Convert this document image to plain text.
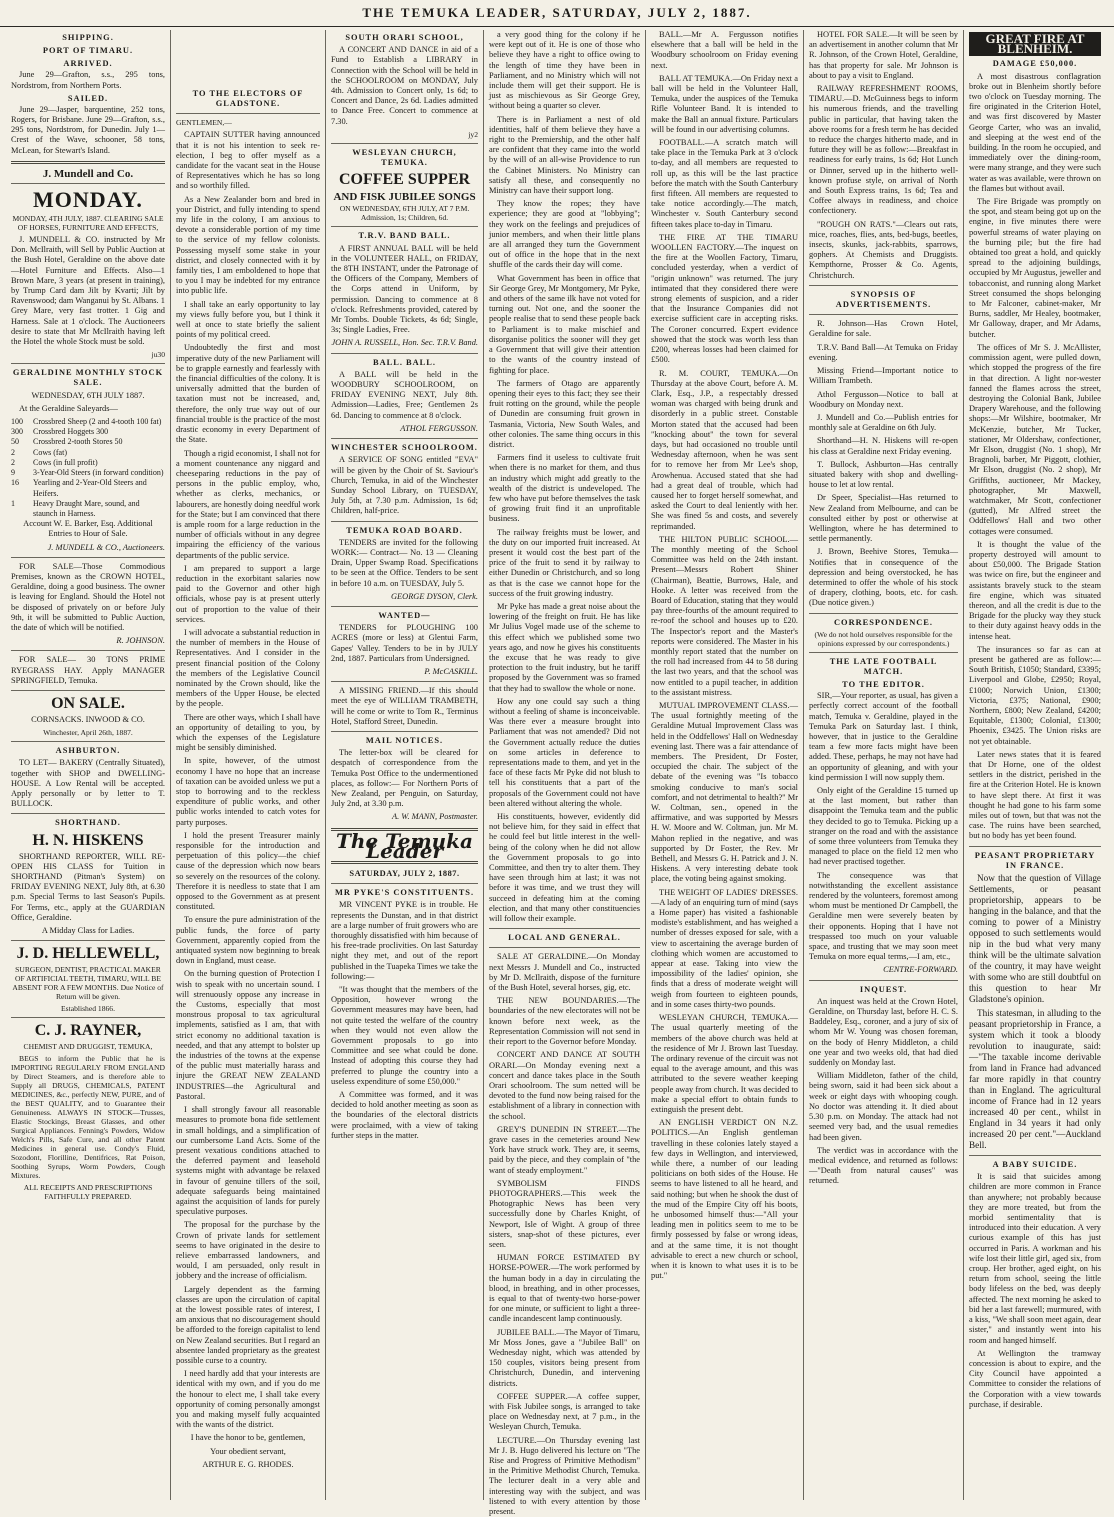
THE TEMUKA LEADER, SATURDAY, JULY 2, 1887.
SHIPPING.
PORT OF TIMARU.
ARRIVED.

June 29—Grafton, s.s., 295 tons, Nordstrom, from Northern Ports.

SAILED.

June 29—Jasper, barquentine, 252 tons, Rogers, for Brisbane. June 29—Grafton, s.s., 295 tons, Nordstrom, for Dunedin. July 1—Crest of the Wave, schooner, 58 tons, McLean, for Stewart's Island.

J. Mundell and Co.
MONDAY.

MONDAY, 4TH JULY, 1887. CLEARING SALE OF HORSES, FURNITURE AND EFFECTS,

J. MUNDELL & CO. instructed by Mr Don. McIlraith, will Sell by Public Auction at the Bush Hotel, Geraldine on the above date—Hotel Furniture and Effects. Also—1 Brown Mare, 3 years (at present in training), by Trump Card dam Jilt by Kvarti; Jilt by Ravenswood; dam Wanganui by St. Albans. 1 Grey Mare, very fast trotter. 1 Gig and Harness. Sale at 1 o'clock. The Auctioneers desire to state that Mr McIlraith having left the Hotel the whole Stock must be sold.

ju30

GERALDINE MONTHLY STOCK SALE.

WEDNESDAY, 6TH JULY 1887.

At the Geraldine Saleyards—

100	Crossbred Sheep (2 and 4-tooth 100 fat)
300	Crossbred Hoggets 300
50	Crossbred 2-tooth Stores 50
2	Cows (fat)
2	Cows (in full profit)
9	3-Year-Old Steers (in forward condition)
16	Yearling and 2-Year-Old Steers and Heifers.
1	Heavy Draught Mare, sound, and staunch in Harness.

Account W. E. Barker, Esq. Additional Entries to Hour of Sale.

J. MUNDELL & CO., Auctioneers.

FOR SALE—Those Commodious Premises, known as the CROWN HOTEL, Geraldine, doing a good business. The owner is leaving for England. Should the Hotel not be disposed of privately on or before July 9th, it will be submitted to Public Auction, the date of which will be notified.

R. JOHNSON.

FOR SALE— 30 TONS PRIME RYEGRASS HAY. Apply MANAGER SPRINGFIELD, Temuka.

ON SALE.

CORNSACKS. INWOOD & CO.

Winchester, April 26th, 1887.

ASHBURTON.

TO LET— BAKERY (Centrally Situated), together with SHOP and DWELLING-HOUSE. A Low Rental will be accepted. Apply personally or by letter to T. BULLOCK.

SHORTHAND.
H. N. HISKENS

SHORTHAND REPORTER, WILL RE-OPEN HIS CLASS for Tuition in SHORTHAND (Pitman's System) on FRIDAY EVENING NEXT, July 8th, at 6.30 p.m. Special Terms to last Season's Pupils. For Terms, etc., apply at the GUARDIAN Office, Geraldine.

A Midday Class for Ladies.

J. D. HELLEWELL,

SURGEON, DENTIST, PRACTICAL MAKER OF ARTIFICIAL TEETH, TIMARU, WILL BE ABSENT FOR A FEW MONTHS. Due Notice of Return will be given.

Established 1866.

C. J. RAYNER,

CHEMIST AND DRUGGIST, TEMUKA,

BEGS to inform the Public that he is IMPORTING REGULARLY FROM ENGLAND by Direct Steamers, and is therefore able to Supply all DRUGS, CHEMICALS, PATENT MEDICINES, &c., perfectly NEW, PURE, and of the BEST QUALITY, and to Guarantee their Genuineness. ALWAYS IN STOCK—Trusses, Elastic Stockings, Breast Glasses, and other Surgical Appliances. Fenning's Powders, Widow Welch's Pills, Safe Cure, and all other Patent Medicines in general use. Condy's Fluid, Sozodont, Florilline, Dentifrices, Rat Poison, Soothing Syrups, Worm Powders, Cough Mixtures.

ALL RECEIPTS AND PRESCRIPTIONS FAITHFULLY PREPARED.

TO THE ELECTORS OF GLADSTONE.

GENTLEMEN,—

CAPTAIN SUTTER having announced that it is not his intention to seek re-election, I beg to offer myself as a candidate for the vacant seat in the House of Representatives which he has so long and so worthily filled.

As a New Zealander born and bred in your District, and fully intending to spend my life in the colony, I am anxious to devote a considerable portion of my time to the service of my fellow colonists. Possessing myself some stake in your district, and closely connected with it by family ties, I am emboldened to hope that to you I may be indebted for my entrance into public life.

I shall take an early opportunity to lay my views fully before you, but I think it well at once to state briefly the salient points of my political creed.

Undoubtedly the first and most imperative duty of the new Parliament will be to grapple earnestly and fearlessly with the financial difficulties of the colony. It is universally admitted that the burden of taxation must not be increased, and, therefore, the only true way out of our financial trouble is the practice of the most drastic economy in every Department of the State.

Though a rigid economist, I shall not for a moment countenance any niggard and cheeseparing reductions in the pay of persons in the public employ, who, whether as clerks, mechanics, or labourers, are honestly doing needful work for the State; but I am convinced that there is ample room for a large reduction in the number of officials without in any degree impairing the efficiency of the various departments of the public service.

I am prepared to support a large reduction in the exorbitant salaries now paid to the Governor and other high officials, whose pay is at present utterly out of proportion to the value of their services.

I will advocate a substantial reduction in the number of members in the House of Representatives. And I consider in the present financial position of the Colony the members of the Legislative Council nominated by the Crown should, like the members of the Upper House, be elected by the people.

There are other ways, which I shall have an opportunity of detailing to you, by which the expenses of the Legislature might be sensibly diminished.

In spite, however, of the utmost economy I have no hope that an increase of taxation can be avoided unless we put a stop to borrowing and to the reckless expenditure of public works, and other public works intended to catch votes for party purposes.

I hold the present Treasurer mainly responsible for the introduction and perpetuation of this policy—the chief cause of the depression which now bears so severely on the resources of the colony. Therefore it is needless to state that I am opposed to the Government as at present constituted.

To ensure the pure administration of the public funds, the force of party Government, apparently copied from the antiquated system now beginning to break down in England, must cease.

On the burning question of Protection I wish to speak with no uncertain sound. I will strenuously oppose any increase in the Customs, especially that most monstrous proposal to tax agricultural implements, satisfied as I am, that with strict economy no additional taxation is needed, and that any attempt to bolster up the industries of the towns at the expense of the public must materially harass and injure the GREAT NEW ZEALAND INDUSTRIES—the Agricultural and Pastoral.

I shall strongly favour all reasonable measures to promote bona fide settlement in small holdings, and a simplification of our cumbersome Land Acts. Some of the present vexatious conditions attached to the deferred payment and leasehold systems might with advantage be relaxed in favour of genuine tillers of the soil, adequate safeguards being maintained against the acquisition of lands for purely speculative purposes.

The proposal for the purchase by the Crown of private lands for settlement seems to have originated in the desire to relieve embarrassed landowners, and would, I am persuaded, only result in jobbery and the increase of officialism.

Largely dependent as the farming classes are upon the circulation of capital at the lowest possible rates of interest, I am anxious that no discouragement should be afforded to the foreign capitalist to lend on New Zealand securities. But I regard an absentee landed proprietary as the greatest possible curse to a country.

I need hardly add that your interests are identical with my own, and if you do me the honour to elect me, I shall take every opportunity of coming personally amongst you and making myself fully acquainted with the wants of the district.

I have the honor to be, gentlemen,

Your obedient servant,

ARTHUR E. G. RHODES.

SOUTH ORARI SCHOOL,

A CONCERT AND DANCE in aid of a Fund to Establish a LIBRARY in Connection with the School will be held in the SCHOOLROOM on MONDAY, July 4th. Admission to Concert only, 1s 6d; to Concert and Dance, 2s 6d. Ladies admitted to Dance Free. Concert to commence at 7.30.

jy2

WESLEYAN CHURCH, TEMUKA.
COFFEE SUPPER
AND FISK JUBILEE SONGS

ON WEDNESDAY, 6TH JULY, AT 7 P.M. Admission, 1s; Children, 6d.

T.R.V. BAND BALL.

A FIRST ANNUAL BALL will be held in the VOLUNTEER HALL, on FRIDAY, the 8TH INSTANT, under the Patronage of the Officers of the Company, Members of the Corps attend in Uniform, by permission. Dancing to commence at 8 o'clock. Refreshments provided, catered by Mr Tombs. Double Tickets, 4s 6d; Single, 3s; Single Ladies, Free.

JOHN A. RUSSELL, Hon. Sec. T.R.V. Band.

BALL. BALL.

A BALL will be held in the WOODBURY SCHOOLROOM, on FRIDAY EVENING NEXT, July 8th. Admission—Ladies, Free; Gentlemen 2s 6d. Dancing to commence at 8 o'clock.

ATHOL FERGUSSON.

WINCHESTER SCHOOLROOM.

A SERVICE OF SONG entitled "EVA" will be given by the Choir of St. Saviour's Church, Temuka, in aid of the Winchester Sunday School Library, on TUESDAY, July 5th, at 7.30 p.m. Admission, 1s 6d; Children, half-price.

TEMUKA ROAD BOARD.

TENDERS are invited for the following WORK:— Contract— No. 13 — Cleaning Drain, Upper Swamp Road. Specifications to be seen at the Office. Tenders to be sent in before 10 a.m. on TUESDAY, July 5.

GEORGE DYSON, Clerk.

WANTED—

TENDERS for PLOUGHING 100 ACRES (more or less) at Glentui Farm, Gapes' Valley. Tenders to be in by JULY 2nd, 1887. Particulars from Undersigned.

P. McCASKILL.

A MISSING FRIEND.—If this should meet the eye of WILLIAM TRAMBETH, will he come or write to Tom R., Terminus Hotel, Stafford Street, Dunedin.

MAIL NOTICES.

The letter-box will be cleared for despatch of correspondence from the Temuka Post Office to the undermentioned places, as follow:— For Northern Ports of New Zealand, per Penguin, on Saturday, July 2nd, at 3.30 p.m.

A. W. MANN, Postmaster.

The Temuka Leader
SATURDAY, JULY 2, 1887.
MR PYKE'S CONSTITUENTS.

MR VINCENT PYKE is in trouble. He represents the Dunstan, and in that district are a large number of fruit growers who are thoroughly dissatisfied with him because of his free-trade proclivities. On last Saturday night they met, and out of the report published in the Tuapeka Times we take the following:—

"It was thought that the members of the Opposition, however wrong the Government measures may have been, had not quite tested the welfare of the country when they would not even allow the Government proposals to go into Committee and see what could be done. Instead of adopting this course they had preferred to plunge the country into a useless expenditure of some £50,000."

A Committee was formed, and it was decided to hold another meeting as soon as the boundaries of the electoral districts were proclaimed, with a view of taking further steps in the matter.

a very good thing for the colony if he were kept out of it. He is one of those who believe they have a right to office owing to the length of time they have been in Parliament, and no Ministry which will not include them will get their support. He is just as mischievous as Sir George Grey, without being a quarter so clever.

There is in Parliament a nest of old identities, half of them believe they have a right to the Premiership, and the other half are confident that they came into the world by the will of an all-wise Providence to run the Cabinet Ministers. No Ministry can satisfy all these, and consequently no Ministry can have their support long.

They know the ropes; they have experience; they are good at "lobbying"; they work on the feelings and prejudices of junior members, and when their little plans are all arranged they turn the Government out of office in the hope that in the next shuffle of the cards their day will come.

What Government has been in office that Sir George Grey, Mr Montgomery, Mr Pyke, and others of the same ilk have not voted for turning out. Not one, and the sooner the people realise that to send these people back to Parliament is to make mischief and disorganise politics the sooner will they get a Government that will give their attention to the wants of the country instead of fighting for place.

The farmers of Otago are apparently opening their eyes to this fact; they see their fruit rotting on the ground, while the people of Dunedin are consuming fruit grown in Tasmania, Victoria, New South Wales, and other colonies. The same thing occurs in this district.

Farmers find it useless to cultivate fruit when there is no market for them, and thus an industry which might add greatly to the wealth of the district is undeveloped. The few who have put before themselves the task of growing fruit find it an unprofitable business.

The railway freights must be lower, and the duty on our imported fruit increased. At present it would cost the best part of the price of the fruit to send it by railway to either Dunedin or Christchurch, and so long as that is the case we cannot hope for the success of the fruit growing industry.

Mr Pyke has made a great noise about the lowering of the freight on fruit. He has like Mr Julius Vogel made use of the scheme to this effect which we published some two years ago, and now he gives his constituents the excuse that he was ready to give protection to the fruit industry, but he tariff proposed by the Government was so framed that they had to swallow the whole or none.

How any one could say such a thing without a feeling of shame is inconceivable. Was there ever a measure brought into Parliament that was not amended? Did not the Government actually reduce the duties on some articles in deference to representations made to them, and yet in the face of these facts Mr Pyke did not blush to tell his constituents that a part of the proposals of the Government could not have been altered without altering the whole.

His constituents, however, evidently did not believe him, for they said in effect that he could feel but little interest in the well-being of the colony when he did not allow the Government proposals to go into Committee, and then try to alter them. They have seen through him at last; it was not before it was time, and we trust they will succeed in defeating him at the coming election, and that many other constituencies will follow their example.

LOCAL AND GENERAL.

SALE AT GERALDINE.—On Monday next Messrs J. Mundell and Co., instructed by Mr D. McIlraith, dispose of the furniture of the Bush Hotel, several horses, gig, etc.

THE NEW BOUNDARIES.—The boundaries of the new electorates will not be known before next week, as the Representation Commission will not send in their report to the Governor before Monday.

CONCERT AND DANCE AT SOUTH ORARI.—On Monday evening next a concert and dance takes place in the South Orari schoolroom. The sum netted will be devoted to the fund now being raised for the establishment of a library in connection with the school.

GREY'S DUNEDIN IN STREET.—The grave cases in the cemeteries around New York have struck work. They are, it seems, paid by the piece, and they complain of "the want of steady employment."

SYMBOLISM FINDS PHOTOGRAPHERS.—This week the Photographic News has been very successfully done by Charles Knight, of Newport, Isle of Wight. A group of three sisters, snap-shot of these pictures, ever seen.

HUMAN FORCE ESTIMATED BY HORSE-POWER.—The work performed by the human body in a day in circulating the blood, in breathing, and in other processes, is equal to that of twenty-two horse-power for one minute, or sufficient to light a three-candle incandescent lamp continuously.

JUBILEE BALL.—The Mayor of Timaru, Mr Moss Jones, gave a "Jubilee Ball" on Wednesday night, which was attended by 150 couples, visitors being present from Christchurch, Dunedin, and intervening districts.

COFFEE SUPPER.—A coffee supper, with Fisk Jubilee songs, is arranged to take place on Wednesday next, at 7 p.m., in the Wesleyan Church, Temuka.

LECTURE.—On Thursday evening last Mr J. B. Hugo delivered his lecture on "The Rise and Progress of Primitive Methodism" in the Primitive Methodist Church, Temuka. The lecturer dealt in a very able and interesting way with the subject, and was listened to with every attention by those present.

BALL.—Mr A. Fergusson notifies elsewhere that a ball will be held in the Woodbury schoolroom on Friday evening next.

BALL AT TEMUKA.—On Friday next a ball will be held in the Volunteer Hall, Temuka, under the auspices of the Temuka Rifle Volunteer Band. It is intended to make the Ball an annual fixture. Particulars will be found in our advertising columns.

FOOTBALL.—A scratch match will take place in the Temuka Park at 3 o'clock to-day, and all members are requested to roll up, as this will be the last practice before the match with the South Canterbury first fifteen. All members are requested to take notice accordingly.—The match, Winchester v. South Canterbury second fifteen takes place to-day in Timaru.

THE FIRE AT THE TIMARU WOOLLEN FACTORY.—The inquest on the fire at the Woollen Factory, Timaru, concluded yesterday, when a verdict of "origin unknown" was returned. The jury intimated that they considered there were strong elements of suspicion, and a rider that the Insurance Companies did not exercise sufficient care in accepting risks. The Coroner concurred. Expert evidence showed that the stock was worth less than £200, whereas losses had been claimed for £500.

R. M. COURT, TEMUKA.—On Thursday at the above Court, before A. M. Clark, Esq., J.P., a respectably dressed woman was charged with being drunk and disorderly in a public street. Constable Morton stated that the accused had been "knocking about" the town for several days, but had occasioned no trouble until Wednesday afternoon, when he was sent for to remove her from Mr Lee's shop, Arowhenua. Accused stated that she had had a great deal of trouble, which had caused her to forget herself somewhat, and asked the Court to deal leniently with her. She was fined 5s and costs, and severely reprimanded.

THE HILTON PUBLIC SCHOOL.—The monthly meeting of the School Committee was held on the 24th instant. Present—Messrs Robert Shiner (Chairman), Beattie, Burrows, Hale, and Hooke. A letter was received from the Board of Education, stating that they would pay three-fourths of the amount required to re-roof the school and houses up to £20. The Inspector's report and the Master's reports were considered. The Master in his monthly report stated that the number on the roll had increased from 44 to 58 during the last two years, and that the school was now entitled to a pupil teacher, in addition to the assistant mistress.

MUTUAL IMPROVEMENT CLASS.—The usual fortnightly meeting of the Geraldine Mutual Improvement Class was held in the Oddfellows' Hall on Wednesday evening last. There was a fair attendance of members. The President, Dr Foster, occupied the chair. The subject of the debate of the evening was "Is tobacco smoking conducive to man's social comfort, and not detrimental to health?" Mr W. Coltman, sen., opened in the affirmative, and was supported by Messrs H. W. Moore and W. Coltman, jun. Mr M. Mahon replied in the negative, and was supported by Dr Foster, the Rev. Mr Bethell, and Messrs G. H. Patrick and J. N. Hiskens. A very interesting debate took place, the voting being against smoking.

THE WEIGHT OF LADIES' DRESSES.—A lady of an enquiring turn of mind (says a Home paper) has visited a fashionable modiste's establishment, and has weighed a number of dresses exposed for sale, with a view to ascertaining the average burden of clothing which women are accustomed to appear at ease. Taking into view the impossibility of the ladies' opinion, she finds that a dress of moderate weight will weigh from fourteen to eighteen pounds, and in some cases thirty-two pounds.

WESLEYAN CHURCH, TEMUKA.—The usual quarterly meeting of the members of the above church was held at the residence of Mr J. Brown last Tuesday. The ordinary revenue of the circuit was not equal to the average amount, and this was attributed to the severe weather keeping people away from church. It was decided to make a special effort to obtain funds to extinguish the present debt.

AN ENGLISH VERDICT ON N.Z. POLITICS.—An English gentleman travelling in these colonies lately stayed a few days in Wellington, and interviewed, while there, a number of our leading politicians on both sides of the House. He seems to have listened to all he heard, and said nothing; but when he shook the dust of the mud of the Empire City off his boots, he unbosomed himself thus:—"All your leading men in politics seem to me to be firmly possessed by false or wrong ideas, and at the same time, it is not thought advisable to erect a new church or school, when it is known to what uses it is to be put."

HOTEL FOR SALE.—It will be seen by an advertisement in another column that Mr R. Johnson, of the Crown Hotel, Geraldine, has that property for sale. Mr Johnson is about to pay a visit to England.

RAILWAY REFRESHMENT ROOMS, TIMARU.—D. McGuinness begs to inform his numerous friends, and the travelling public in particular, that having taken the above rooms for a fresh term he has decided to reduce the charges hitherto made, and in future they will be as follow:—Breakfast in readiness for early trains, 1s 6d; Hot Lunch or Dinner, served up in the hitherto well-known profuse style, on arrival of North and South Express trains, 1s 6d; Tea and Coffee always in readiness, and choice confectionery.

"ROUGH ON RATS."—Clears out rats, mice, roaches, flies, ants, bed-bugs, beetles, insects, skunks, jack-rabbits, sparrows, gophers. At Chemists and Druggists. Kempthorne, Prosser & Co. Agents, Christchurch.

SYNOPSIS OF ADVERTISEMENTS.

R. Johnson—Has Crown Hotel, Geraldine for sale.

T.R.V. Band Ball—At Temuka on Friday evening.

Missing Friend—Important notice to William Trambeth.

Athol Fergusson—Notice to ball at Woodbury on Monday next.

J. Mundell and Co.—Publish entries for monthly sale at Geraldine on 6th July.

Shorthand—H. N. Hiskens will re-open his class at Geraldine next Friday evening.

T. Bullock, Ashburton—Has centrally situated bakery with shop and dwelling-house to let at low rental.

Dr Speer, Specialist—Has returned to New Zealand from Melbourne, and can be consulted either by post or otherwise at Wellington, where he has determined to settle permanently.

J. Brown, Beehive Stores, Temuka—Notifies that in consequence of the depression and being overstocked, he has determined to offer the whole of his stock of drapery, clothing, boots, etc. for cash. (Due notice given.)

CORRESPONDENCE.

(We do not hold ourselves responsible for the opinions expressed by our correspondents.)

THE LATE FOOTBALL MATCH.
TO THE EDITOR.

SIR,—Your reporter, as usual, has given a perfectly correct account of the football match, Temuka v. Geraldine, played in the Temuka Park on Saturday last. I think, however, that in justice to the Geraldine team a few more facts might have been added. These, perhaps, he may not have had an opportunity of gleaning, and with your kind permission I will now supply them.

Only eight of the Geraldine 15 turned up at the last moment, but rather than disappoint the Temuka team and the public they decided to go to Temuka. Picking up a stranger on the road and with the assistance of some three volunteers from Temuka they managed to place on the field 12 men who had never practised together.

The consequence was that notwithstanding the excellent assistance rendered by the volunteers, foremost among whom must be mentioned Dr Campbell, the Geraldine men were severely beaten by their opponents. Hoping that I have not trespassed too much on your valuable space, and trusting that we may soon meet Temuka on more equal terms,—I am, etc.,

CENTRE-FORWARD.

INQUEST.

An inquest was held at the Crown Hotel, Geraldine, on Thursday last, before H. C. S. Baddeley, Esq., coroner, and a jury of six of whom Mr W. Young was chosen foreman, on the body of Henry Middleton, a child one year and two weeks old, that had died suddenly on Monday last.

William Middleton, father of the child, being sworn, said it had been sick about a week or eight days with whooping cough. No doctor was attending it. It died about 5.30 p.m. on Monday. The attack had not seemed very bad, and the usual remedies had been given.

The verdict was in accordance with the medical evidence, and returned as follows:—"Death from natural causes" was returned.

GREAT FIRE AT BLENHEIM.
DAMAGE £50,000.

A most disastrous conflagration broke out in Blenheim shortly before two o'clock on Tuesday morning. The fire originated in the Criterion Hotel, and was first discovered by Master George Carter, who was an invalid, and sleeping at the west end of the building. In the room he occupied, and immediately over the dining-room, were many strange, and they were such water as was available, were thrown on the flames but without avail.

The Fire Brigade was promptly on the spot, and steam being got up on the engine, in five minutes there were powerful streams of water playing on the burning pile; but the fire had obtained too great a hold, and quickly spread to the adjoining buildings, occupied by Mr Augustus, jeweller and tobacconist, and running along Market Street consumed the shops belonging to Mr Falconer, cabinet-maker, Mr Burns, saddler, Mr Healey, bootmaker, Mr Galloway, draper, and Mr Adams, butcher.

The offices of Mr S. J. McAllister, commission agent, were pulled down, which stopped the progress of the fire in that direction. A light nor-wester fanned the flames across the street, destroying the Colonial Bank, Jubilee Drapery Warehouse, and the following shops:—Mr Wilshire, bootmaker, Mr McKenzie, butcher, Mr Tucker, stationer, Mr Oldershaw, confectioner, Mr Elson, druggist (No. 1 shop), Mr Bragnoli, barber, Mr Piggott, clothier, Mr Elson, druggist (No. 2 shop), Mr Griffiths, auctioneer, Mr Mackey, photographer, Mr Maxwell, watchmaker, Mr Scott, confectioner (gutted), Mr Alfred street the Oddfellows' Hall and two other cottages were consumed.

It is thought the value of the property destroyed will amount to about £50,000. The Brigade Station was twice on fire, but the engineer and assistants bravely stuck to the steam fire engine, which was situated thereon, and all the credit is due to the Brigade for the plucky way they stuck to their duty against heavy odds in the intense heat.

The insurances so far as can at present be gathered are as follow:—South British, £1050; Standard, £3395; Liverpool and Globe, £2950; Royal, £1000; Norwich Union, £1300; Victoria, £375; National, £900; Northern, £800; New Zealand, £4200; Equitable, £1300; Colonial, £1300; Phoenix, £3425. The Union risks are not yet obtainable.

Later news states that it is feared that Dr Horne, one of the oldest settlers in the district, perished in the fire at the Criterion Hotel. He is known to have slept there. At first it was thought he had gone to his farm some miles out of town, but that was not the case. The ruins have been searched, but no body has yet been found.

PEASANT PROPRIETARY IN FRANCE.

Now that the question of Village Settlements, or peasant proprietorship, appears to be hanging in the balance, and that the coming to power of a Ministry opposed to such settlements would nip in the bud what very many think will be the ultimate salvation of the country, it may have weight with some who are still doubtful on this question to hear Mr Gladstone's opinion.

This statesman, in alluding to the peasant proprietorship in France, a system which it took a bloody revolution to inaugurate, said:—"The taxable income derivable from land in France had advanced far more rapidly in that country than in England. The agricultural income of France had in 12 years increased 40 per cent., whilst in England in 34 years it had only increased 20 per cent."—Auckland Bell.

A BABY SUICIDE.

It is said that suicides among children are more common in France than anywhere; not probably because they are more treated, but from the morbid sentimentality that is introduced into their education. A very curious example of this has just occurred in Paris. A workman and his wife lost their little girl, aged six, from croup. Her brother, aged eight, on his return from school, seeing the little body lifeless on the bed, was deeply affected. The next morning he asked to bid her a last farewell; murmured, with a kiss, "We shall soon meet again, dear sister," and instantly went into his room and hanged himself.

At Wellington the tramway concession is about to expire, and the City Council have appointed a Committee to consider the relations of the Corporation with a view towards purchase, if desirable.
